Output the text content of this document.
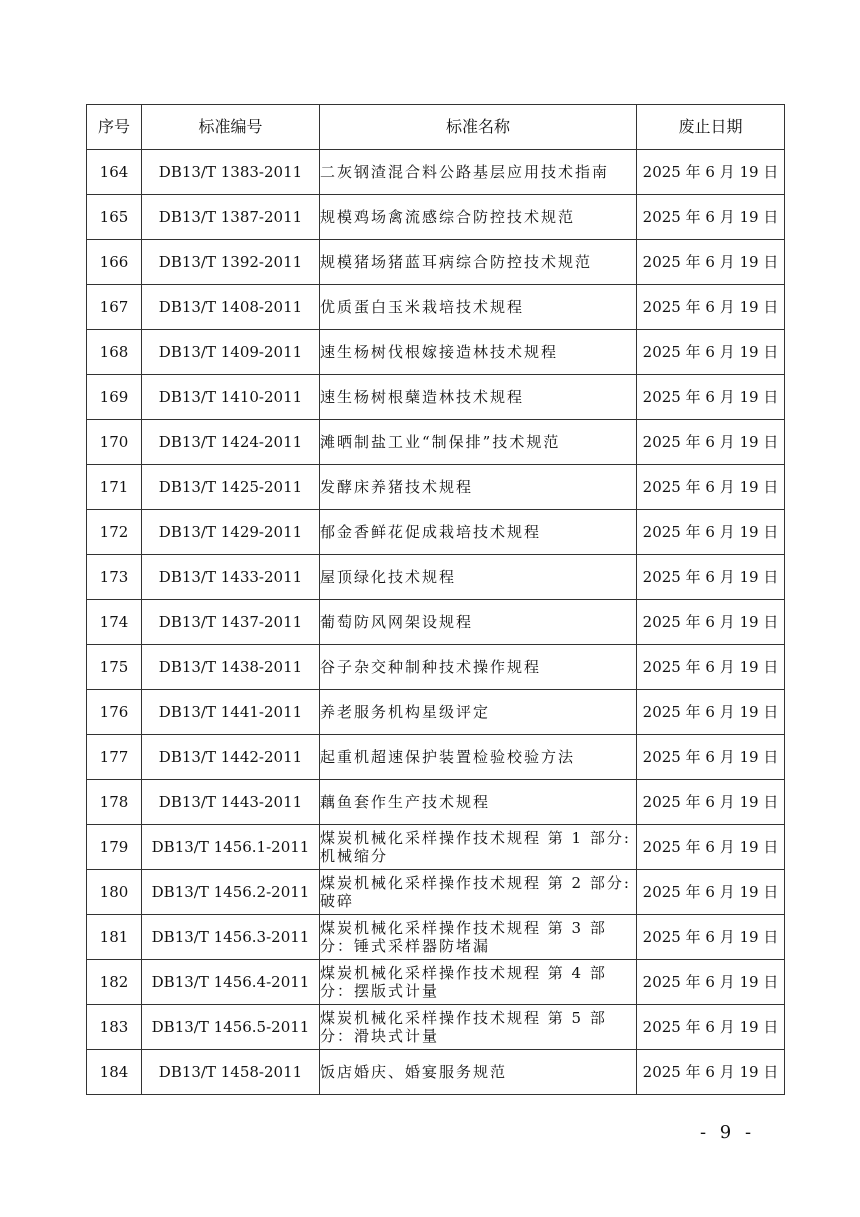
序号	标准编号	标准名称	废止日期
164	DB13/T 1383-2011	二灰钢渣混合料公路基层应用技术指南	2025 年 6 月 19 日
165	DB13/T 1387-2011	规模鸡场禽流感综合防控技术规范	2025 年 6 月 19 日
166	DB13/T 1392-2011	规模猪场猪蓝耳病综合防控技术规范	2025 年 6 月 19 日
167	DB13/T 1408-2011	优质蛋白玉米栽培技术规程	2025 年 6 月 19 日
168	DB13/T 1409-2011	速生杨树伐根嫁接造林技术规程	2025 年 6 月 19 日
169	DB13/T 1410-2011	速生杨树根蘖造林技术规程	2025 年 6 月 19 日
170	DB13/T 1424-2011	滩晒制盐工业“制保排”技术规范	2025 年 6 月 19 日
171	DB13/T 1425-2011	发酵床养猪技术规程	2025 年 6 月 19 日
172	DB13/T 1429-2011	郁金香鲜花促成栽培技术规程	2025 年 6 月 19 日
173	DB13/T 1433-2011	屋顶绿化技术规程	2025 年 6 月 19 日
174	DB13/T 1437-2011	葡萄防风网架设规程	2025 年 6 月 19 日
175	DB13/T 1438-2011	谷子杂交种制种技术操作规程	2025 年 6 月 19 日
176	DB13/T 1441-2011	养老服务机构星级评定	2025 年 6 月 19 日
177	DB13/T 1442-2011	起重机超速保护装置检验校验方法	2025 年 6 月 19 日
178	DB13/T 1443-2011	藕鱼套作生产技术规程	2025 年 6 月 19 日
179	DB13/T 1456.1-2011	煤炭机械化采样操作技术规程 第 1 部分:机械缩分	2025 年 6 月 19 日
180	DB13/T 1456.2-2011	煤炭机械化采样操作技术规程 第 2 部分:破碎	2025 年 6 月 19 日
181	DB13/T 1456.3-2011	煤炭机械化采样操作技术规程 第 3 部分：锤式采样器防堵漏	2025 年 6 月 19 日
182	DB13/T 1456.4-2011	煤炭机械化采样操作技术规程 第 4 部分：摆版式计量	2025 年 6 月 19 日
183	DB13/T 1456.5-2011	煤炭机械化采样操作技术规程 第 5 部分：滑块式计量	2025 年 6 月 19 日
184	DB13/T 1458-2011	饭店婚庆、婚宴服务规范	2025 年 6 月 19 日
- 9 -
